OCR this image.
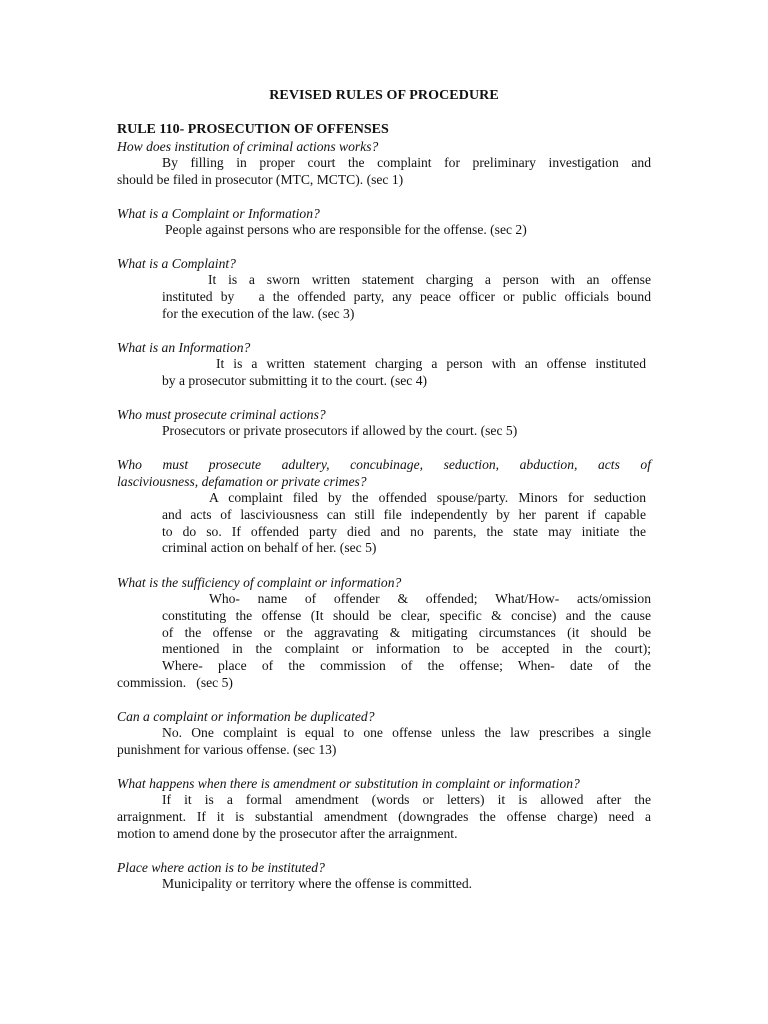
REVISED RULES OF PROCEDURE
RULE 110- PROSECUTION OF OFFENSES
How does institution of criminal actions works?
By filling in proper court the complaint for preliminary investigation and
should be filed in prosecutor (MTC, MCTC). (sec 1)
What is a Complaint or Information?
People against persons who are responsible for the offense. (sec 2)
What is a Complaint?
It is a sworn written statement charging a person with an offense
instituted by   a the offended party, any peace officer or public officials bound
for the execution of the law. (sec 3)
What is an Information?
It is a written statement charging a person with an offense instituted
by a prosecutor submitting it to the court. (sec 4)
Who must prosecute criminal actions?
Prosecutors or private prosecutors if allowed by the court. (sec 5)
Who must prosecute adultery, concubinage, seduction, abduction, acts of
lasciviousness, defamation or private crimes?
A complaint filed by the offended spouse/party. Minors for seduction
and acts of lasciviousness can still file independently by her parent if capable
to do so. If offended party died and no parents, the state may initiate the
criminal action on behalf of her. (sec 5)
What is the sufficiency of complaint or information?
Who- name of offender & offended; What/How- acts/omission
constituting the offense (It should be clear, specific & concise) and the cause
of the offense or the aggravating & mitigating circumstances (it should be
mentioned in the complaint or information to be accepted in the court);
Where- place of the commission of the offense; When- date of the
commission.   (sec 5)
Can a complaint or information be duplicated?
No. One complaint is equal to one offense unless the law prescribes a single
punishment for various offense. (sec 13)
What happens when there is amendment or substitution in complaint or information?
If it is a formal amendment (words or letters) it is allowed after the
arraignment. If it is substantial amendment (downgrades the offense charge) need a
motion to amend done by the prosecutor after the arraignment.
Place where action is to be instituted?
Municipality or territory where the offense is committed.
